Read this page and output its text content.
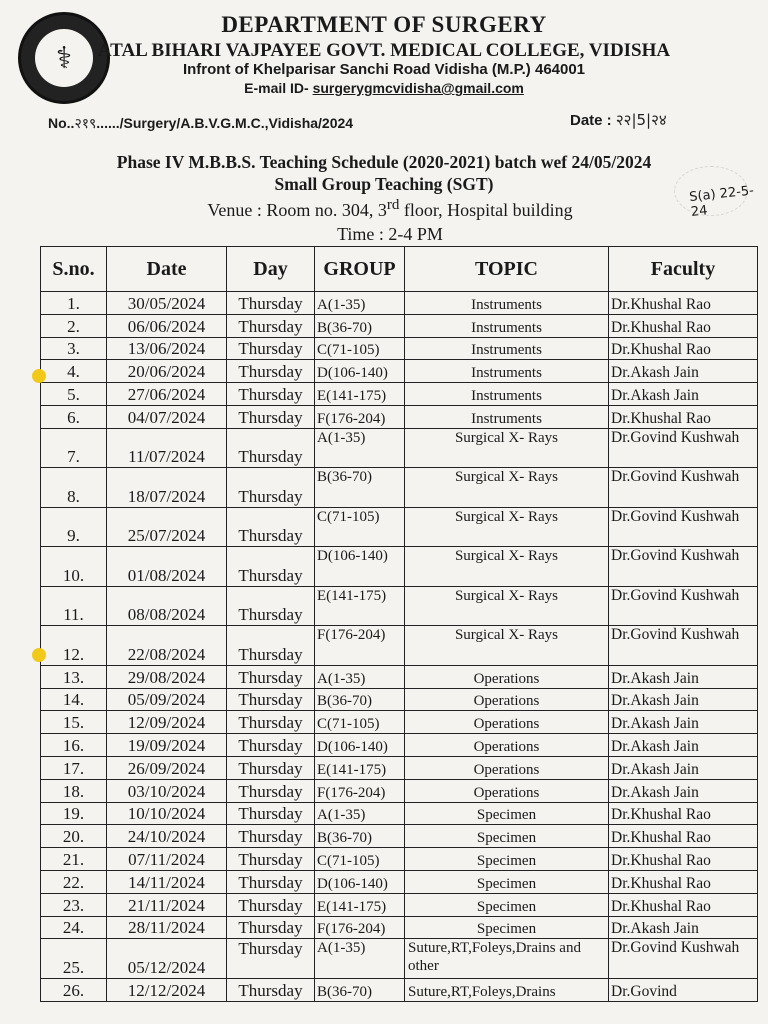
⚕
DEPARTMENT OF SURGERY
ATAL BIHARI VAJPAYEE GOVT. MEDICAL COLLEGE, VIDISHA
Infront of Khelparisar Sanchi Road Vidisha (M.P.) 464001
E-mail ID- surgerygmcvidisha@gmail.com
No..२१९....../Surgery/A.B.V.G.M.C.,Vidisha/2024	Date : २२|5|२४
Phase IV M.B.B.S. Teaching Schedule (2020-2021) batch wef 24/05/2024
Small Group Teaching (SGT)
Venue : Room no. 304, 3rd floor, Hospital building
Time : 2-4 PM
S(a) 22-5-24
S.no.	Date	Day	GROUP	TOPIC	Faculty
1.	30/05/2024	Thursday	A(1-35)	Instruments	Dr.Khushal Rao
2.	06/06/2024	Thursday	B(36-70)	Instruments	Dr.Khushal Rao
3.	13/06/2024	Thursday	C(71-105)	Instruments	Dr.Khushal Rao
4.	20/06/2024	Thursday	D(106-140)	Instruments	Dr.Akash Jain
5.	27/06/2024	Thursday	E(141-175)	Instruments	Dr.Akash Jain
6.	04/07/2024	Thursday	F(176-204)	Instruments	Dr.Khushal Rao
7.	11/07/2024	Thursday	A(1-35)	Surgical X- Rays	Dr.Govind Kushwah
8.	18/07/2024	Thursday	B(36-70)	Surgical X- Rays	Dr.Govind Kushwah
9.	25/07/2024	Thursday	C(71-105)	Surgical X- Rays	Dr.Govind Kushwah
10.	01/08/2024	Thursday	D(106-140)	Surgical X- Rays	Dr.Govind Kushwah
11.	08/08/2024	Thursday	E(141-175)	Surgical X- Rays	Dr.Govind Kushwah
12.	22/08/2024	Thursday	F(176-204)	Surgical X- Rays	Dr.Govind Kushwah
13.	29/08/2024	Thursday	A(1-35)	Operations	Dr.Akash Jain
14.	05/09/2024	Thursday	B(36-70)	Operations	Dr.Akash Jain
15.	12/09/2024	Thursday	C(71-105)	Operations	Dr.Akash Jain
16.	19/09/2024	Thursday	D(106-140)	Operations	Dr.Akash Jain
17.	26/09/2024	Thursday	E(141-175)	Operations	Dr.Akash Jain
18.	03/10/2024	Thursday	F(176-204)	Operations	Dr.Akash Jain
19.	10/10/2024	Thursday	A(1-35)	Specimen	Dr.Khushal Rao
20.	24/10/2024	Thursday	B(36-70)	Specimen	Dr.Khushal Rao
21.	07/11/2024	Thursday	C(71-105)	Specimen	Dr.Khushal Rao
22.	14/11/2024	Thursday	D(106-140)	Specimen	Dr.Khushal Rao
23.	21/11/2024	Thursday	E(141-175)	Specimen	Dr.Khushal Rao
24.	28/11/2024	Thursday	F(176-204)	Specimen	Dr.Akash Jain
25.	05/12/2024	Thursday	A(1-35)	Suture,RT,Foleys,Drains and other	Dr.Govind Kushwah
26.	12/12/2024	Thursday	B(36-70)	Suture,RT,Foleys,Drains	Dr.Govind
